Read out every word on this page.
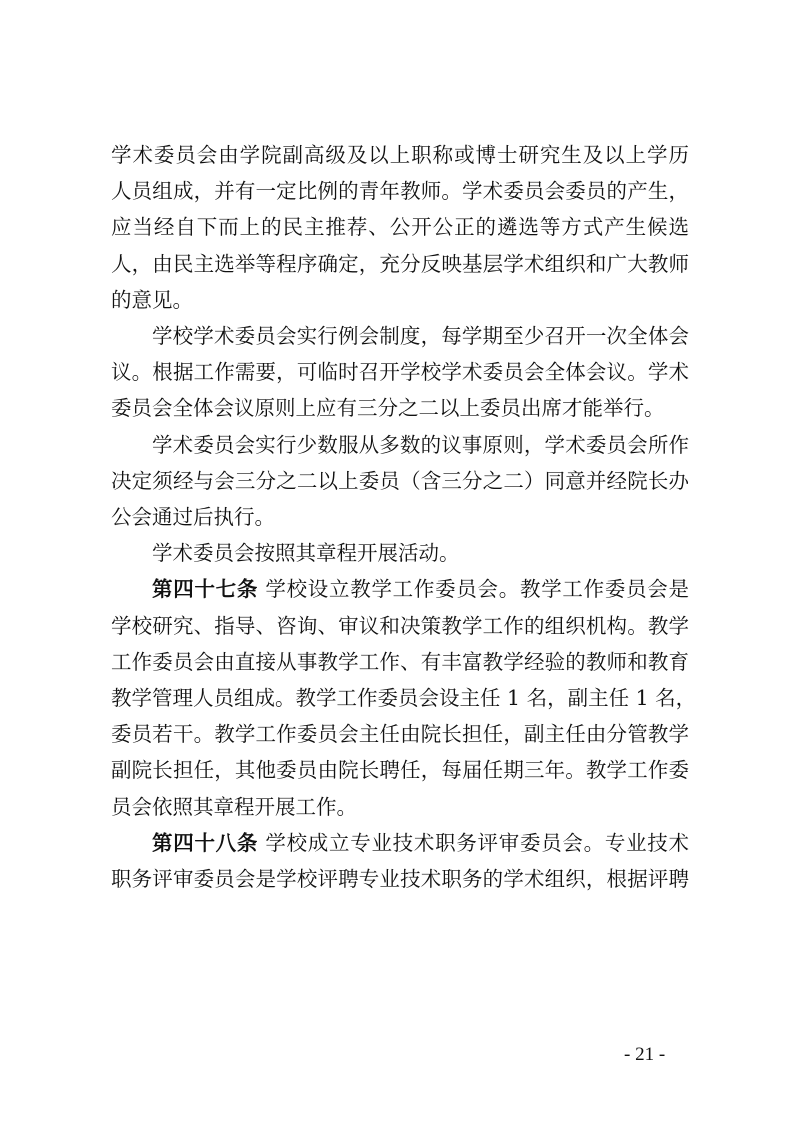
学术委员会由学院副高级及以上职称或博士研究生及以上学历
人员组成，并有一定比例的青年教师。学术委员会委员的产生，
应当经自下而上的民主推荐、公开公正的遴选等方式产生候选
人，由民主选举等程序确定，充分反映基层学术组织和广大教师
的意见。

学校学术委员会实行例会制度，每学期至少召开一次全体会
议。根据工作需要，可临时召开学校学术委员会全体会议。学术
委员会全体会议原则上应有三分之二以上委员出席才能举行。

学术委员会实行少数服从多数的议事原则，学术委员会所作
决定须经与会三分之二以上委员（含三分之二）同意并经院长办
公会通过后执行。

学术委员会按照其章程开展活动。

第四十七条 学校设立教学工作委员会。教学工作委员会是
学校研究、指导、咨询、审议和决策教学工作的组织机构。教学
工作委员会由直接从事教学工作、有丰富教学经验的教师和教育
教学管理人员组成。教学工作委员会设主任 1 名，副主任 1 名，
委员若干。教学工作委员会主任由院长担任，副主任由分管教学
副院长担任，其他委员由院长聘任，每届任期三年。教学工作委
员会依照其章程开展工作。

第四十八条 学校成立专业技术职务评审委员会。专业技术
职务评审委员会是学校评聘专业技术职务的学术组织，根据评聘

- 21 -
